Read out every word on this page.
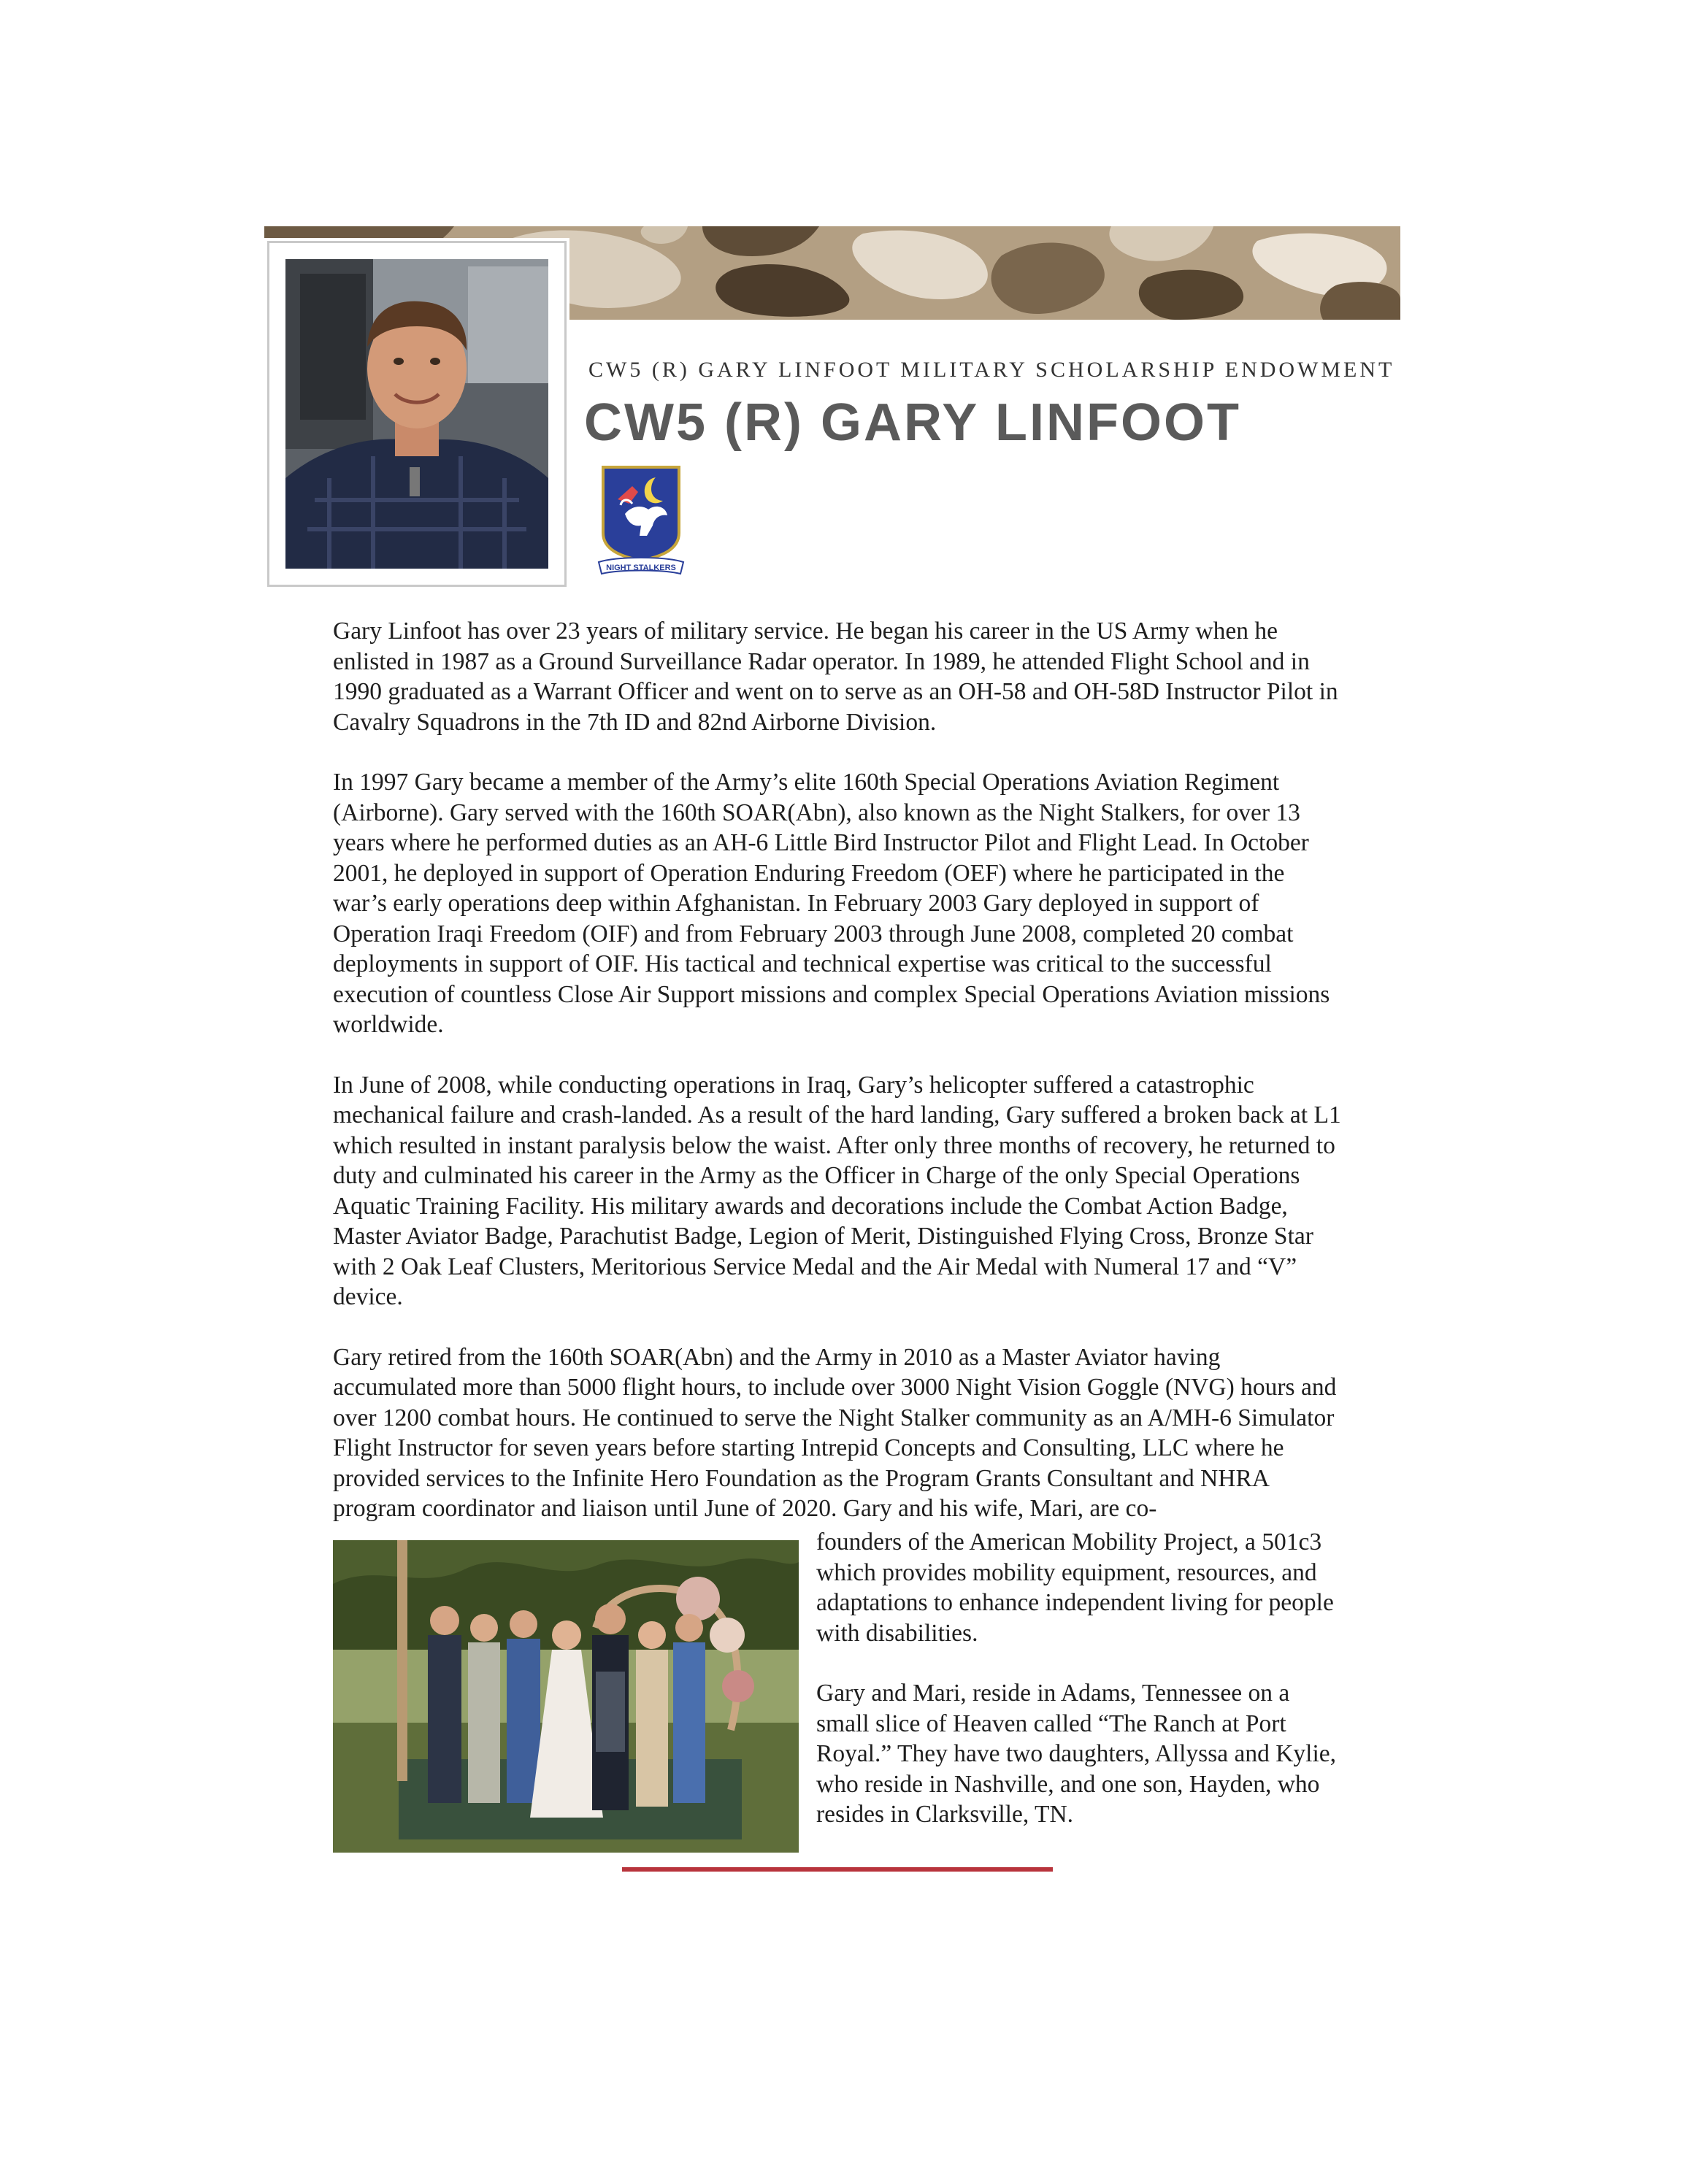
CW5 (R) GARY LINFOOT MILITARY SCHOLARSHIP ENDOWMENT
CW5 (R) GARY LINFOOT
NIGHT STALKERS

Gary Linfoot has over 23 years of military service. He began his career in the US Army when he enlisted in 1987 as a Ground Surveillance Radar operator. In 1989, he attended Flight School and in 1990 graduated as a Warrant Officer and went on to serve as an OH-58 and OH-58D Instructor Pilot in Cavalry Squadrons in the 7th ID and 82nd Airborne Division.

In 1997 Gary became a member of the Army’s elite 160th Special Operations Aviation Regiment (Airborne). Gary served with the 160th SOAR(Abn), also known as the Night Stalkers, for over 13 years where he performed duties as an AH-6 Little Bird Instructor Pilot and Flight Lead. In October 2001, he deployed in support of Operation Enduring Freedom (OEF) where he participated in the war’s early operations deep within Afghanistan. In February 2003 Gary deployed in support of Operation Iraqi Freedom (OIF) and from February 2003 through June 2008, completed 20 combat deployments in support of OIF. His tactical and technical expertise was critical to the successful execution of countless Close Air Support missions and complex Special Operations Aviation missions worldwide.

In June of 2008, while conducting operations in Iraq, Gary’s helicopter suffered a catastrophic mechanical failure and crash-landed. As a result of the hard landing, Gary suffered a broken back at L1 which resulted in instant paralysis below the waist. After only three months of recovery, he returned to duty and culminated his career in the Army as the Officer in Charge of the only Special Operations Aquatic Training Facility. His military awards and decorations include the Combat Action Badge, Master Aviator Badge, Parachutist Badge, Legion of Merit, Distinguished Flying Cross, Bronze Star with 2 Oak Leaf Clusters, Meritorious Service Medal and the Air Medal with Numeral 17 and “V” device.

Gary retired from the 160th SOAR(Abn) and the Army in 2010 as a Master Aviator having accumulated more than 5000 flight hours, to include over 3000 Night Vision Goggle (NVG) hours and over 1200 combat hours. He continued to serve the Night Stalker community as an A/MH-6 Simulator Flight Instructor for seven years before starting Intrepid Concepts and Consulting, LLC where he provided services to the Infinite Hero Foundation as the Program Grants Consultant and NHRA program coordinator and liaison until June of 2020. Gary and his wife, Mari, are co-

founders of the American Mobility Project, a 501c3 which provides mobility equipment, resources, and adaptations to enhance independent living for people with disabilities.

Gary and Mari, reside in Adams, Tennessee on a small slice of Heaven called “The Ranch at Port Royal.” They have two daughters, Allyssa and Kylie, who reside in Nashville, and one son, Hayden, who resides in Clarksville, TN.
